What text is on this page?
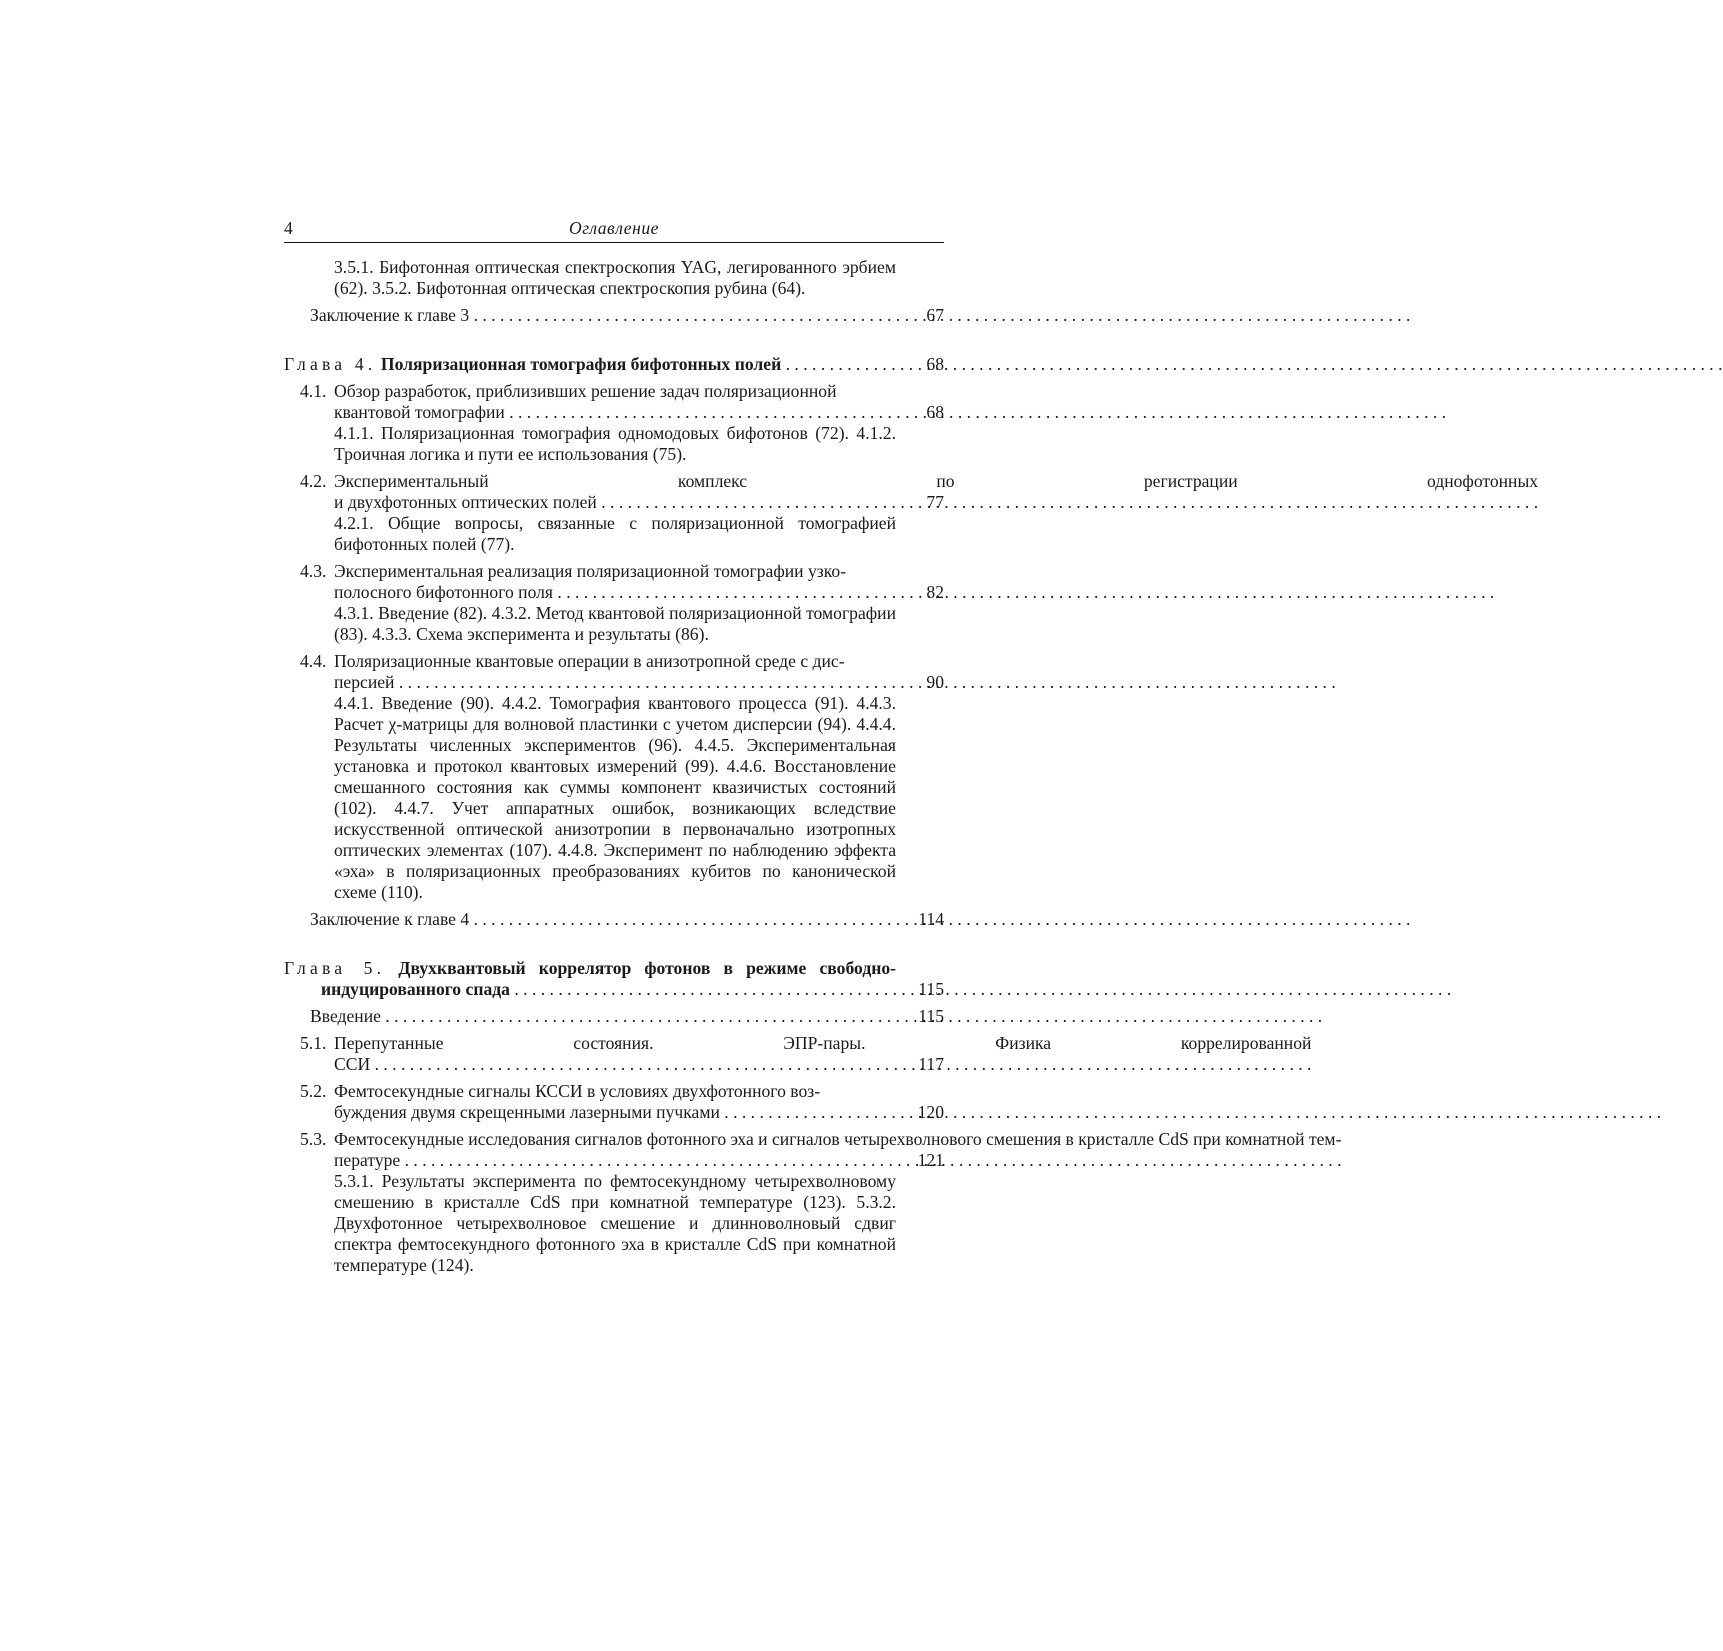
4	Оглавление
3.5.1. Бифотонная оптическая спектроскопия YAG, легированного эрбием (62). 3.5.2. Бифотонная оптическая спектроскопия рубина (64).
Заключение к главе 3 . . .	67
Глава 4. Поляризационная томография бифотонных полей . . .	68
4.1. Обзор разработок, приблизивших решение задач поляризационной
квантовой томографии . . .	68
4.1.1. Поляризационная томография одномодовых бифотонов (72). 4.1.2. Троичная логика и пути ее использования (75).
4.2. Экспериментальный комплекс по регистрации однофотонных
и двухфотонных оптических полей . . .	77
4.2.1. Общие вопросы, связанные с поляризационной томографией бифотонных полей (77).
4.3. Экспериментальная реализация поляризационной томографии узко-
полосного бифотонного поля . . .	82
4.3.1. Введение (82). 4.3.2. Метод квантовой поляризационной томографии (83). 4.3.3. Схема эксперимента и результаты (86).
4.4. Поляризационные квантовые операции в анизотропной среде с дис-
персией . . .	90
4.4.1. Введение (90). 4.4.2. Томография квантового процесса (91). 4.4.3. Расчет χ-матрицы для волновой пластинки с учетом дисперсии (94). 4.4.4. Результаты численных экспериментов (96). 4.4.5. Экспериментальная установка и протокол квантовых измерений (99). 4.4.6. Восстановление смешанного состояния как суммы компонент квазичистых состояний (102). 4.4.7. Учет аппаратных ошибок, возникающих вследствие искусственной оптической анизотропии в первоначально изотропных оптических элементах (107). 4.4.8. Эксперимент по наблюдению эффекта «эха» в поляризационных преобразованиях кубитов по канонической схеме (110).
Заключение к главе 4 . . .	114
Глава 5. Двухквантовый коррелятор фотонов в режиме свободно-
индуцированного спада . . .	115
Введение . . .	115
5.1. Перепутанные состояния. ЭПР-пары. Физика коррелированной
ССИ . . .	117
5.2. Фемтосекундные сигналы КССИ в условиях двухфотонного воз-
буждения двумя скрещенными лазерными пучками . . .	120
5.3. Фемтосекундные исследования сигналов фотонного эха и сигналов четырехволнового смешения в кристалле CdS при комнатной тем-
пературе . . .	121
5.3.1. Результаты эксперимента по фемтосекундному четырехволновому смешению в кристалле CdS при комнатной температуре (123). 5.3.2. Двухфотонное четырехволновое смешение и длинноволновый сдвиг спектра фемтосекундного фотонного эха в кристалле CdS при комнатной температуре (124).
